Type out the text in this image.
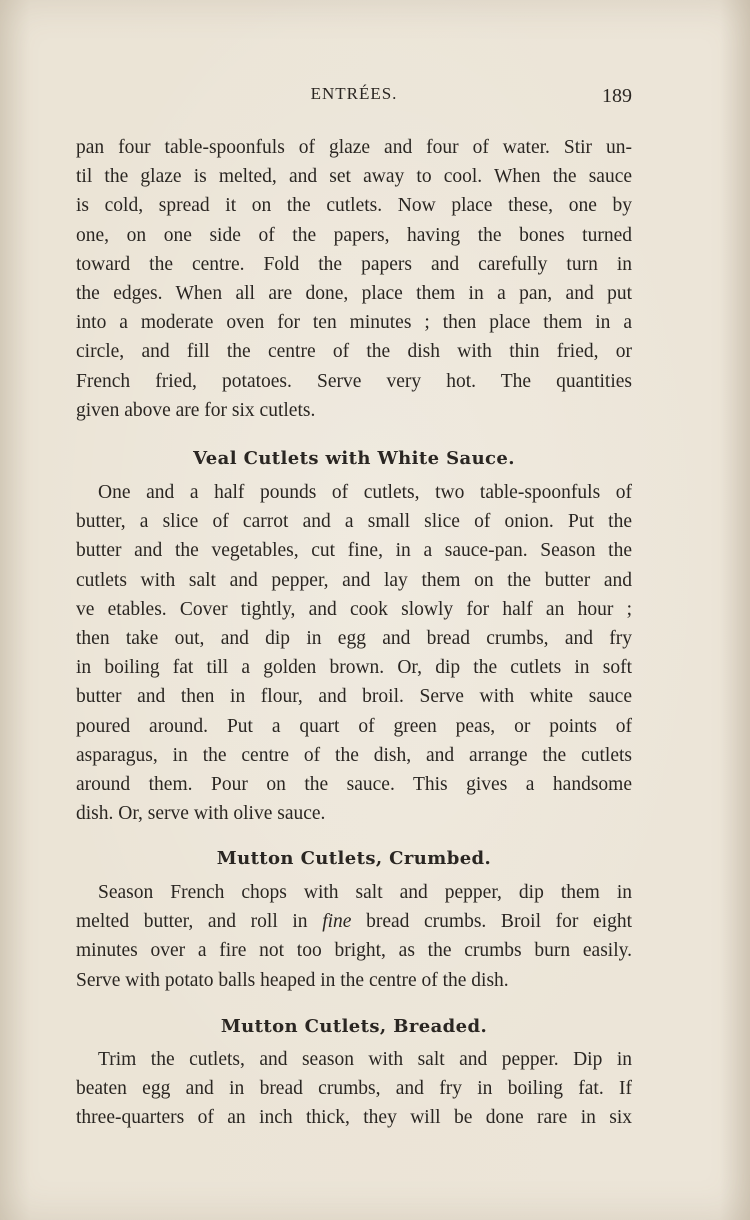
ENTRÉES.	189
pan four table-spoonfuls of glaze and four of water. Stir un-
til the glaze is melted, and set away to cool. When the sauce
is cold, spread it on the cutlets. Now place these, one by
one, on one side of the papers, having the bones turned
toward the centre. Fold the papers and carefully turn in
the edges. When all are done, place them in a pan, and put
into a moderate oven for ten minutes ; then place them in a
circle, and fill the centre of the dish with thin fried, or
French fried, potatoes. Serve very hot. The quantities
given above are for six cutlets.
Veal Cutlets with White Sauce.
One and a half pounds of cutlets, two table-spoonfuls of
butter, a slice of carrot and a small slice of onion. Put the
butter and the vegetables, cut fine, in a sauce-pan. Season the
cutlets with salt and pepper, and lay them on the butter and
ve etables. Cover tightly, and cook slowly for half an hour ;
then take out, and dip in egg and bread crumbs, and fry
in boiling fat till a golden brown. Or, dip the cutlets in soft
butter and then in flour, and broil. Serve with white sauce
poured around. Put a quart of green peas, or points of
asparagus, in the centre of the dish, and arrange the cutlets
around them. Pour on the sauce. This gives a handsome
dish. Or, serve with olive sauce.
Mutton Cutlets, Crumbed.
Season French chops with salt and pepper, dip them in
melted butter, and roll in fine bread crumbs. Broil for eight
minutes over a fire not too bright, as the crumbs burn easily.
Serve with potato balls heaped in the centre of the dish.
Mutton Cutlets, Breaded.
Trim the cutlets, and season with salt and pepper. Dip in
beaten egg and in bread crumbs, and fry in boiling fat. If
three-quarters of an inch thick, they will be done rare in six
